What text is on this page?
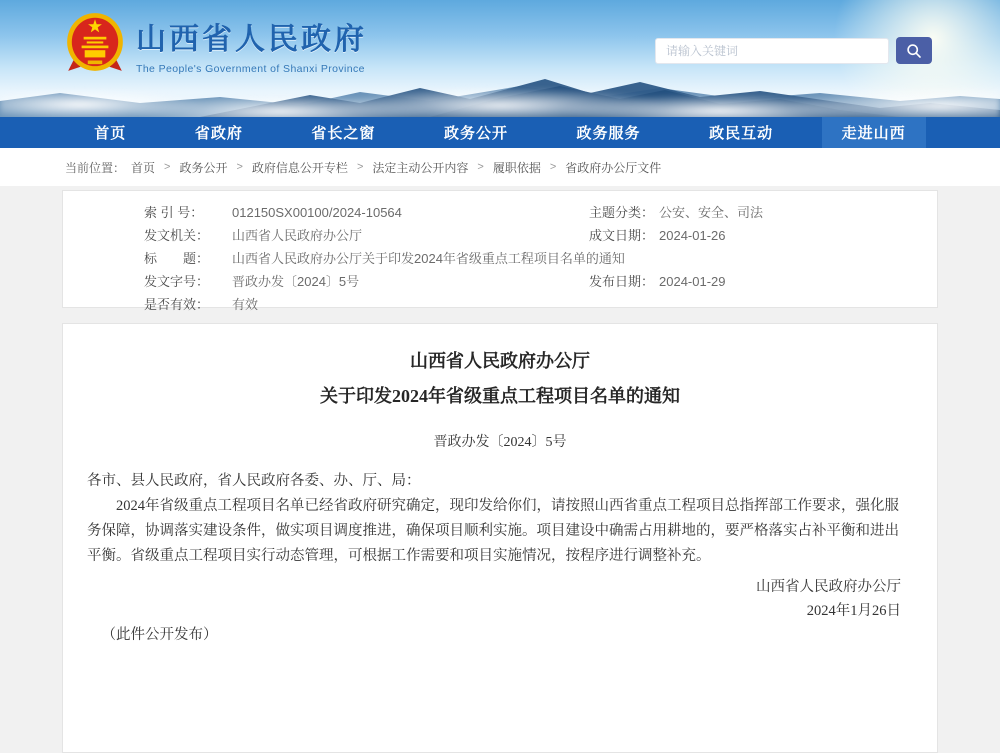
山西省人民政府
The People's Government of Shanxi Province
请输入关键词
首页	省政府	省长之窗	政务公开	政务服务	政民互动	走进山西
当前位置： 首页 > 政务公开 > 政府信息公开专栏 > 法定主动公开内容 > 履职依据 > 省政府办公厅文件
索 引 号：	012150SX00100/2024-10564	主题分类： 公安、安全、司法
发文机关：	山西省人民政府办公厅	成文日期： 2024-01-26
标　　题：	山西省人民政府办公厅关于印发2024年省级重点工程项目名单的通知
发文字号：	晋政办发〔2024〕5号	发布日期： 2024-01-29
是否有效：	有效
山西省人民政府办公厅
关于印发2024年省级重点工程项目名单的通知
晋政办发〔2024〕5号
各市、县人民政府，省人民政府各委、办、厅、局：
2024年省级重点工程项目名单已经省政府研究确定，现印发给你们，请按照山西省重点工程项目总指挥部工作要求，强化服务保障，协调落实建设条件，做实项目调度推进，确保项目顺利实施。项目建设中确需占用耕地的，要严格落实占补平衡和进出平衡。省级重点工程项目实行动态管理，可根据工作需要和项目实施情况，按程序进行调整补充。
山西省人民政府办公厅
2024年1月26日
（此件公开发布）
